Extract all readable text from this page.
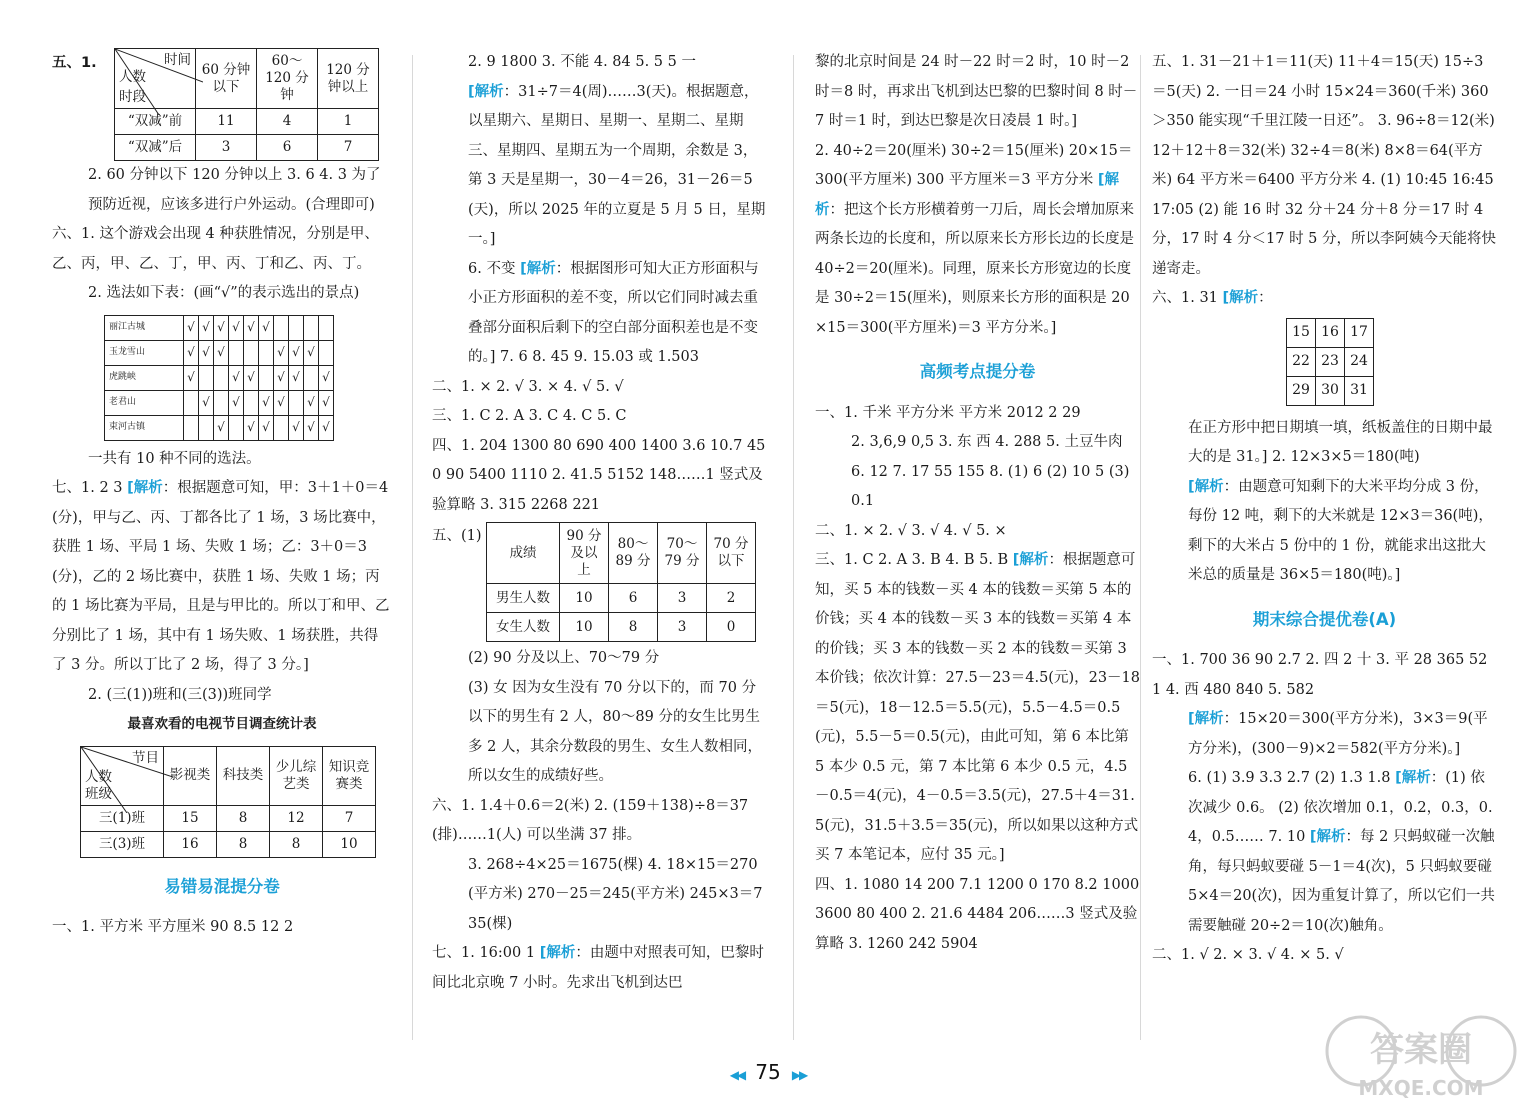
五、1.	时间
人数
时段	60 分钟以下	60～120 分钟	120 分钟以上

“双减”前	11	4	1
“双减”后	3	6	7

2. 60 分钟以下 120 分钟以上 3. 6 4. 3 为了预防近视，应该多进行户外运动。(合理即可)

六、1. 这个游戏会出现 4 种获胜情况，分别是甲、乙、丙，甲、乙、丁，甲、丙、丁和乙、丙、丁。

2. 选法如下表：(画“√”的表示选出的景点)

丽江古城	√	√	√	√	√	√				
玉龙雪山	√	√	√				√	√	√	
虎跳峡	√			√	√		√	√		√
老君山		√		√		√	√		√	√
束河古镇			√		√	√		√	√	√

一共有 10 种不同的选法。

七、1. 2 3 [解析：根据题意可知，甲：3＋1＋0＝4(分)，甲与乙、丙、丁都各比了 1 场，3 场比赛中，获胜 1 场、平局 1 场、失败 1 场；乙：3＋0＝3(分)，乙的 2 场比赛中，获胜 1 场、失败 1 场；丙的 1 场比赛为平局，且是与甲比的。所以丁和甲、乙分别比了 1 场，其中有 1 场失败、1 场获胜，共得了 3 分。所以丁比了 2 场，得了 3 分。]

2. (三(1))班和(三(3))班同学

最喜欢看的电视节目调查统计表
节目
人数
班级	影视类	科技类	少儿综艺类	知识竞赛类
三(1)班	15	8	12	7
三(3)班	16	8	8	10
易错易混提分卷

一、1. 平方米 平方厘米 90 8.5 12 2

2. 9 1800 3. 不能 4. 84 5. 5 5 一

[解析：31÷7＝4(周)……3(天)。根据题意，以星期六、星期日、星期一、星期二、星期三、星期四、星期五为一个周期，余数是 3，第 3 天是星期一，30－4＝26，31－26＝5(天)，所以 2025 年的立夏是 5 月 5 日，星期一。]

6. 不变 [解析：根据图形可知大正方形面积与小正方形面积的差不变，所以它们同时减去重叠部分面积后剩下的空白部分面积差也是不变的。] 7. 6 8. 45 9. 15.03 或 1.503

二、1. × 2. √ 3. × 4. √ 5. √

三、1. C 2. A 3. C 4. C 5. C

四、1. 204 1300 80 690 400 1400 3.6 10.7 450 90 5400 1110 2. 41.5 5152 148……1 竖式及验算略 3. 315 2268 221

五、(1)
成绩	90 分及以上	80～89 分	70～79 分	70 分以下
男生人数	10	6	3	2
女生人数	10	8	3	0

(2) 90 分及以上、70～79 分

(3) 女 因为女生没有 70 分以下的，而 70 分以下的男生有 2 人，80～89 分的女生比男生多 2 人，其余分数段的男生、女生人数相同，所以女生的成绩好些。

六、1. 1.4＋0.6＝2(米) 2. (159＋138)÷8＝37(排)……1(人) 可以坐满 37 排。

3. 268÷4×25＝1675(棵) 4. 18×15＝270(平方米) 270－25＝245(平方米) 245×3＝735(棵)

七、1. 16:00 1 [解析：由题中对照表可知，巴黎时间比北京晚 7 小时。先求出飞机到达巴

黎的北京时间是 24 时－22 时＝2 时，10 时－2 时＝8 时，再求出飞机到达巴黎的巴黎时间 8 时－7 时＝1 时，到达巴黎是次日凌晨 1 时。]

2. 40÷2＝20(厘米) 30÷2＝15(厘米) 20×15＝300(平方厘米) 300 平方厘米＝3 平方分米 [解析：把这个长方形横着剪一刀后，周长会增加原来两条长边的长度和，所以原来长方形长边的长度是 40÷2＝20(厘米)。同理，原来长方形宽边的长度是 30÷2＝15(厘米)，则原来长方形的面积是 20×15＝300(平方厘米)＝3 平方分米。]

高频考点提分卷

一、1. 千米 平方分米 平方米 2012 2 29

2. 3,6,9 0,5 3. 东 西 4. 288 5. 土豆牛肉 6. 12 7. 17 55 155 8. (1) 6 (2) 10 5 (3) 0.1

二、1. × 2. √ 3. √ 4. √ 5. ×

三、1. C 2. A 3. B 4. B 5. B [解析：根据题意可知，买 5 本的钱数－买 4 本的钱数＝买第 5 本的价钱；买 4 本的钱数－买 3 本的钱数＝买第 4 本的价钱；买 3 本的钱数－买 2 本的钱数＝买第 3 本价钱；依次计算：27.5－23＝4.5(元)，23－18＝5(元)，18－12.5＝5.5(元)，5.5－4.5＝0.5(元)，5.5－5＝0.5(元)，由此可知，第 6 本比第 5 本少 0.5 元，第 7 本比第 6 本少 0.5 元，4.5－0.5＝4(元)，4－0.5＝3.5(元)，27.5＋4＝31.5(元)，31.5＋3.5＝35(元)，所以如果以这种方式买 7 本笔记本，应付 35 元。]

四、1. 1080 14 200 7.1 1200 0 170 8.2 1000 3600 80 400 2. 21.6 4484 206……3 竖式及验算略 3. 1260 242 5904

五、1. 31－21＋1＝11(天) 11＋4＝15(天) 15÷3＝5(天) 2. 一日＝24 小时 15×24＝360(千米) 360＞350 能实现“千里江陵一日还”。 3. 96÷8＝12(米) 12＋12＋8＝32(米) 32÷4＝8(米) 8×8＝64(平方米) 64 平方米＝6400 平方分米 4. (1) 10:45 16:45 17:05 (2) 能 16 时 32 分＋24 分＋8 分＝17 时 4 分，17 时 4 分＜17 时 5 分，所以李阿姨今天能将快递寄走。

六、1. 31 [解析：

15	16	17
22	23	24
29	30	31

在正方形中把日期填一填，纸板盖住的日期中最大的是 31。] 2. 12×3×5＝180(吨)

[解析：由题意可知剩下的大米平均分成 3 份，每份 12 吨，剩下的大米就是 12×3＝36(吨)，剩下的大米占 5 份中的 1 份，就能求出这批大米总的质量是 36×5＝180(吨)。]

期末综合提优卷(A)

一、1. 700 36 90 2.7 2. 四 2 十 3. 平 28 365 52 1 4. 西 480 840 5. 582

[解析：15×20＝300(平方分米)，3×3＝9(平方分米)，(300－9)×2＝582(平方分米)。]

6. (1) 3.9 3.3 2.7 (2) 1.3 1.8 [解析：(1) 依次减少 0.6。 (2) 依次增加 0.1，0.2，0.3，0.4，0.5…… 7. 10 [解析：每 2 只蚂蚁碰一次触角，每只蚂蚁要碰 5－1＝4(次)，5 只蚂蚁要碰 5×4＝20(次)，因为重复计算了，所以它们一共需要触碰 20÷2＝10(次)触角。

二、1. √ 2. × 3. √ 4. × 5. √

◀◀ 75 ▶▶
答案圈
MXQE.COM
